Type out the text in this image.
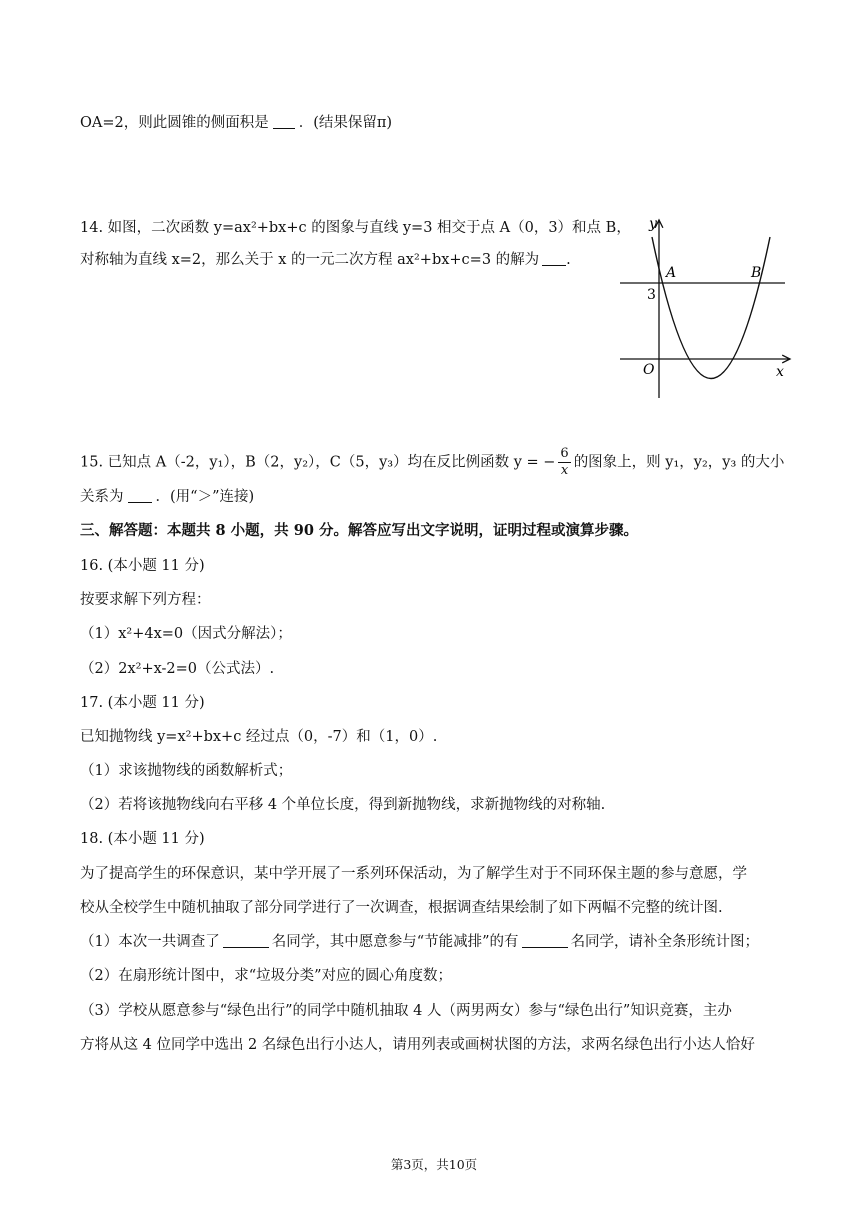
OA=2，则此圆锥的侧面积是 ．(结果保留π)
14. 如图，二次函数 y=ax²+bx+c 的图象与直线 y=3 相交于点 A（0，3）和点 B，
对称轴为直线 x=2，那么关于 x 的一元二次方程 ax²+bx+c=3 的解为 .
y
x
O
A	B
3
15. 已知点 A（-2，y₁），B（2，y₂），C（5，y₃）均在反比例函数 y = − $\frac{6}{x}$ 的图象上，则 y₁，y₂，y₃ 的大小
关系为 ．(用“＞”连接)
三、解答题：本题共 8 小题，共 90 分。解答应写出文字说明，证明过程或演算步骤。
16. (本小题 11 分)
按要求解下列方程：
（1）x²+4x=0（因式分解法）；
（2）2x²+x-2=0（公式法）.
17. (本小题 11 分)
已知抛物线 y=x²+bx+c 经过点（0，-7）和（1，0）.
（1）求该抛物线的函数解析式；
（2）若将该抛物线向右平移 4 个单位长度，得到新抛物线，求新抛物线的对称轴.
18. (本小题 11 分)
为了提高学生的环保意识，某中学开展了一系列环保活动，为了解学生对于不同环保主题的参与意愿，学
校从全校学生中随机抽取了部分同学进行了一次调查，根据调查结果绘制了如下两幅不完整的统计图.
（1）本次一共调查了	名同学，其中愿意参与“节能减排”的有	名同学，请补全条形统计图；
（2）在扇形统计图中，求“垃圾分类”对应的圆心角度数；
（3）学校从愿意参与“绿色出行”的同学中随机抽取 4 人（两男两女）参与“绿色出行”知识竞赛，主办
方将从这 4 位同学中选出 2 名绿色出行小达人，请用列表或画树状图的方法，求两名绿色出行小达人恰好
第3页，共10页
